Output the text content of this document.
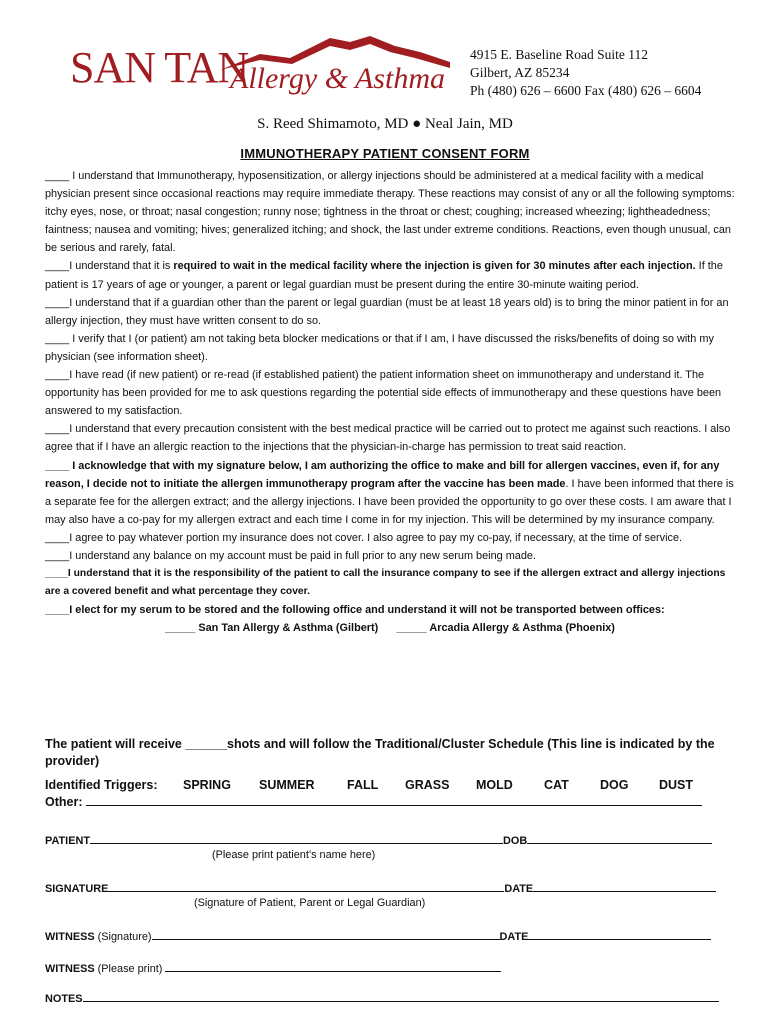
SAN TAN
Allergy & Asthma
4915 E. Baseline Road Suite 112
Gilbert, AZ 85234
Ph (480) 626 – 6600 Fax (480) 626 – 6604
S. Reed Shimamoto, MD ● Neal Jain, MD
IMMUNOTHERAPY PATIENT CONSENT FORM

____ I understand that Immunotherapy, hyposensitization, or allergy injections should be administered at a medical facility with a medical physician present since occasional reactions may require immediate therapy. These reactions may consist of any or all the following symptoms: itchy eyes, nose, or throat; nasal congestion; runny nose; tightness in the throat or chest; coughing; increased wheezing; lightheadedness; faintness; nausea and vomiting; hives; generalized itching; and shock, the last under extreme conditions. Reactions, even though unusual, can be serious and rarely, fatal.

____I understand that it is required to wait in the medical facility where the injection is given for 30 minutes after each injection. If the patient is 17 years of age or younger, a parent or legal guardian must be present during the entire 30-minute waiting period.

____I understand that if a guardian other than the parent or legal guardian (must be at least 18 years old) is to bring the minor patient in for an allergy injection, they must have written consent to do so.

____ I verify that I (or patient) am not taking beta blocker medications or that if I am, I have discussed the risks/benefits of doing so with my physician (see information sheet).

____I have read (if new patient) or re-read (if established patient) the patient information sheet on immunotherapy and understand it. The opportunity has been provided for me to ask questions regarding the potential side effects of immunotherapy and these questions have been answered to my satisfaction.

____I understand that every precaution consistent with the best medical practice will be carried out to protect me against such reactions. I also agree that if I have an allergic reaction to the injections that the physician-in-charge has permission to treat said reaction.

____ I acknowledge that with my signature below, I am authorizing the office to make and bill for allergen vaccines, even if, for any reason, I decide not to initiate the allergen immunotherapy program after the vaccine has been made. I have been informed that there is a separate fee for the allergen extract; and the allergy injections. I have been provided the opportunity to go over these costs. I am aware that I may also have a co-pay for my allergen extract and each time I come in for my injection. This will be determined by my insurance company.

____I agree to pay whatever portion my insurance does not cover. I also agree to pay my co-pay, if necessary, at the time of service.

____I understand any balance on my account must be paid in full prior to any new serum being made.

____I understand that it is the responsibility of the patient to call the insurance company to see if the allergen extract and allergy injections are a covered benefit and what percentage they cover.

____I elect for my serum to be stored and the following office and understand it will not be transported between offices:

_____ San Tan Allergy & Asthma (Gilbert) _____ Arcadia Allergy & Asthma (Phoenix)

The patient will receive ______shots and will follow the Traditional/Cluster Schedule (This line is indicated by the provider)
Identified Triggers:	SPRING	SUMMER	FALL	GRASS	MOLD	CAT	DOG	DUST
Other:
PATIENT	DOB
(Please print patient’s name here)
SIGNATURE	DATE
(Signature of Patient, Parent or Legal Guardian)
WITNESS (Signature)	DATE
WITNESS (Please print)
NOTES
